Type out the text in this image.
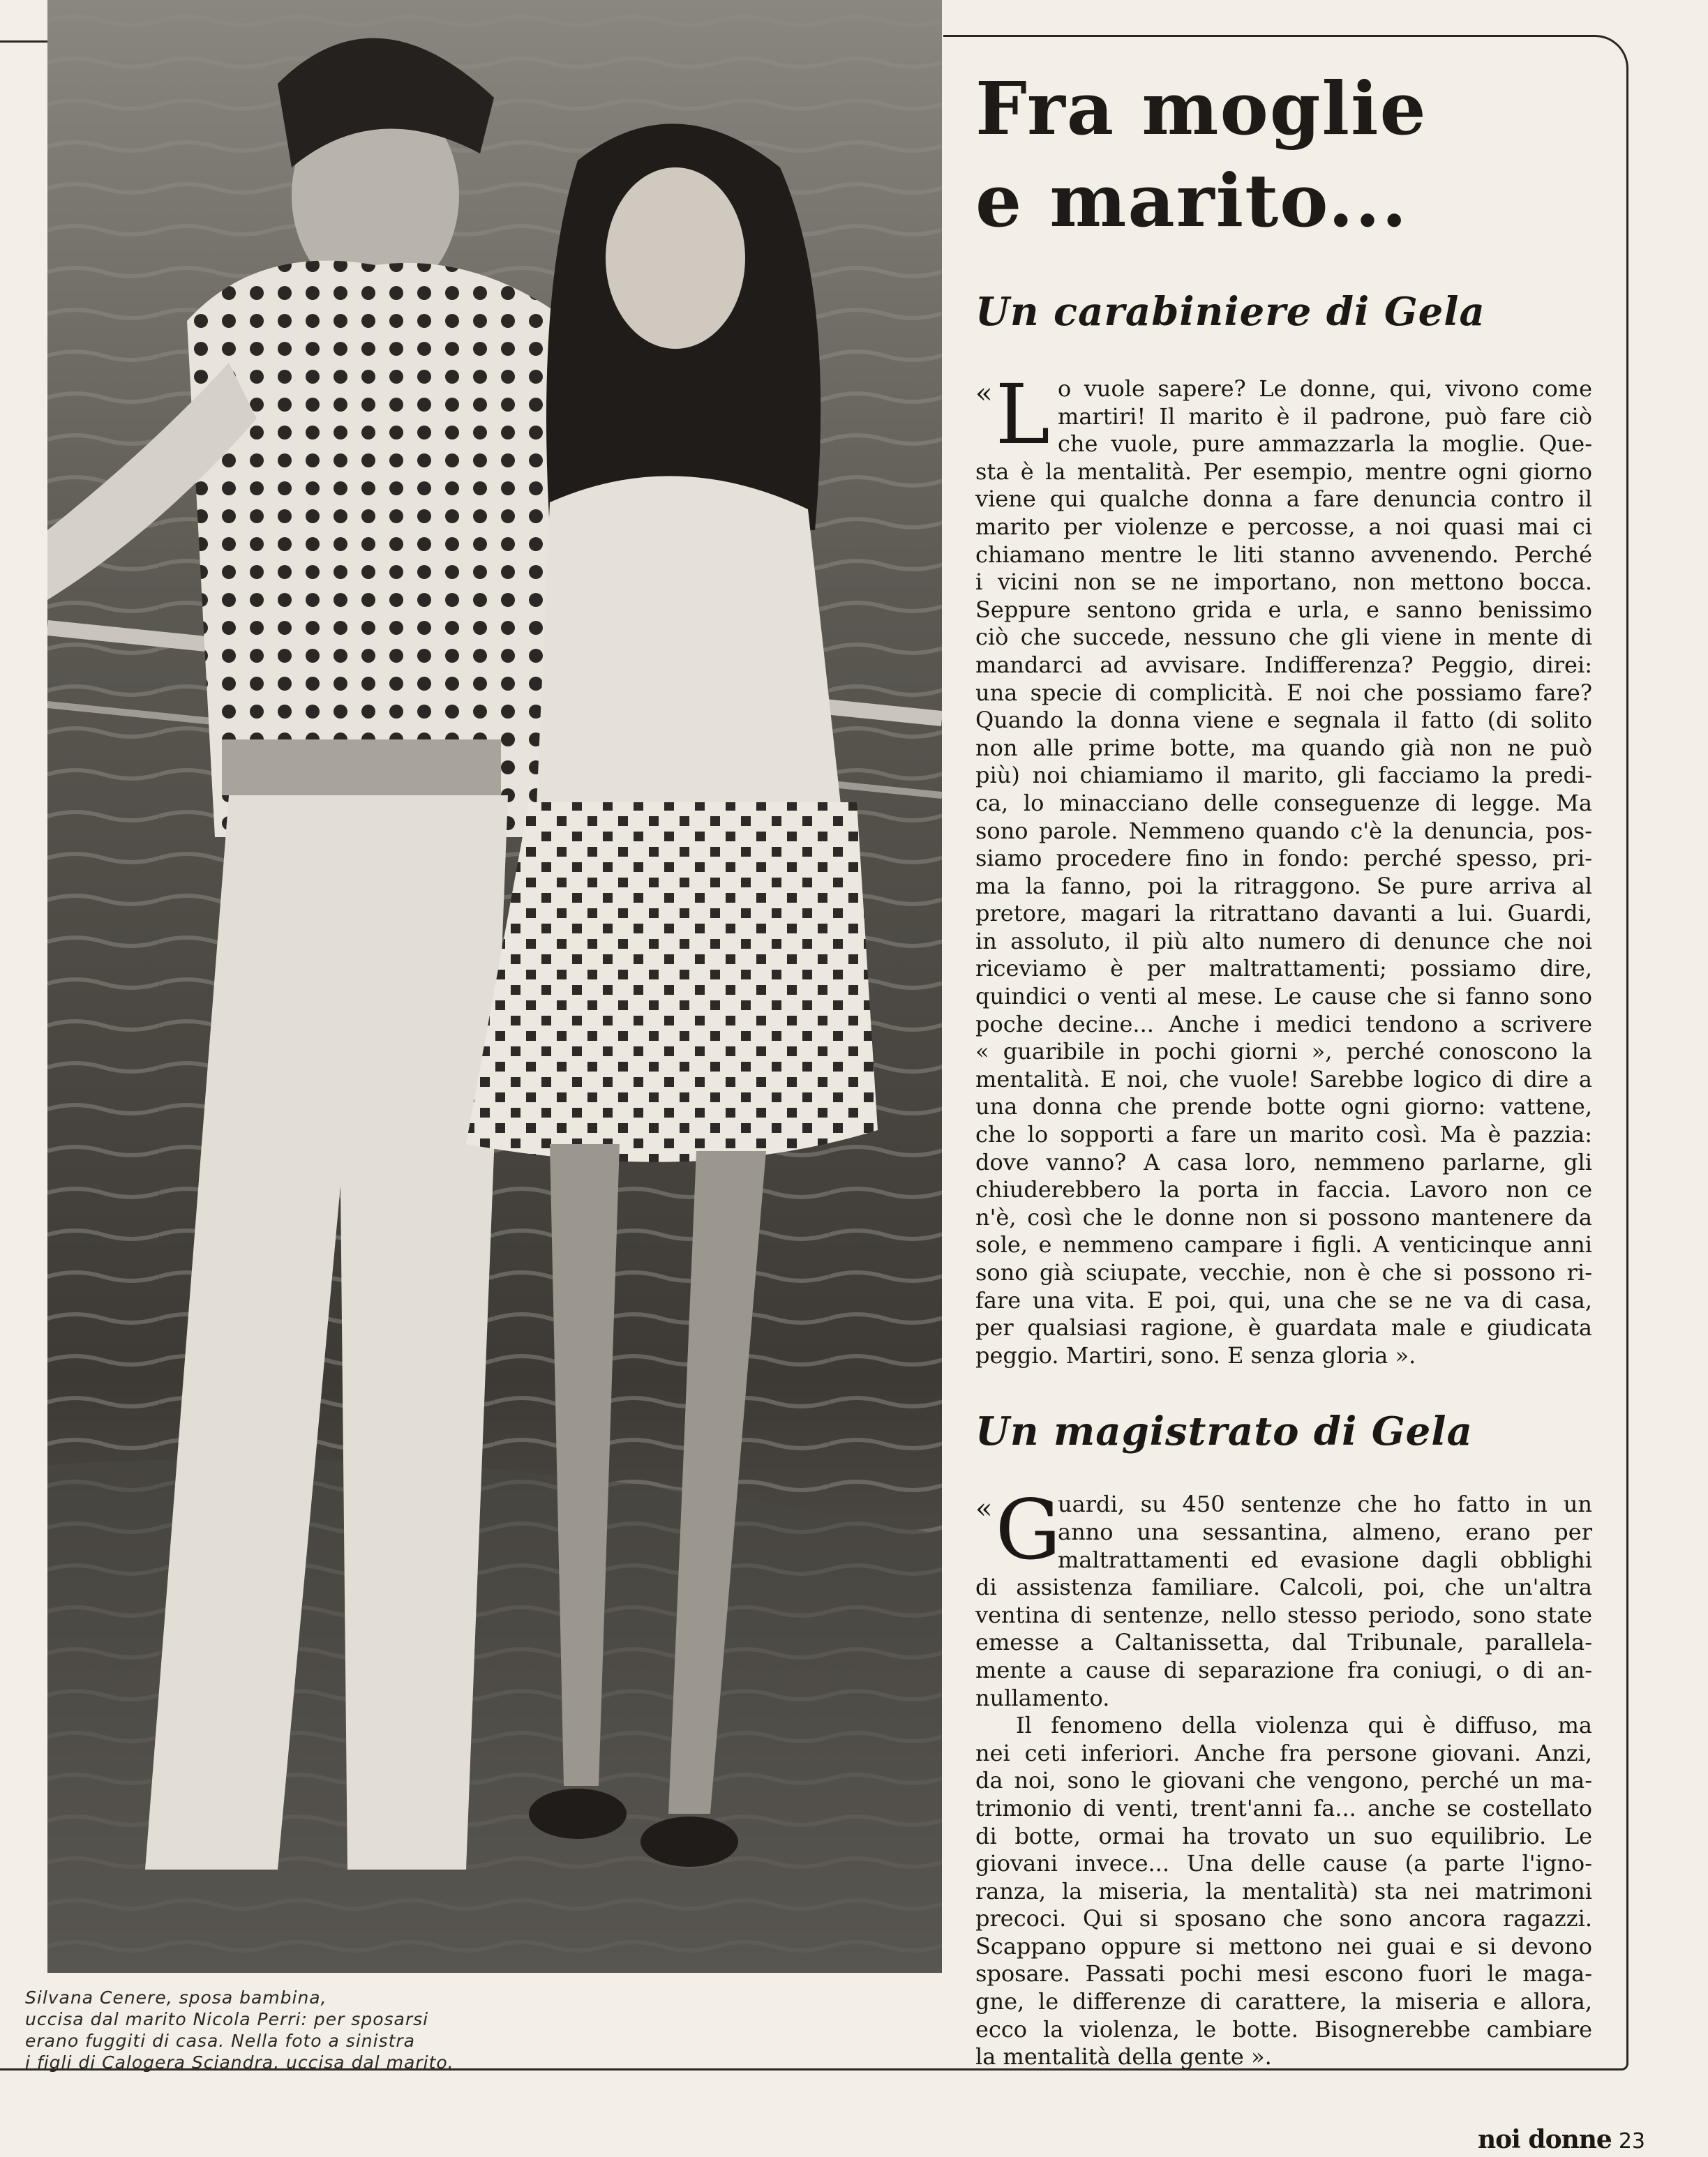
Silvana Cenere, sposa bambina,
uccisa dal marito Nicola Perri: per sposarsi
erano fuggiti di casa. Nella foto a sinistra
i figli di Calogera Sciandra, uccisa dal marito.
Fra moglie
e marito...
Un carabiniere di Gela
«L o vuole sapere? Le donne, qui, vivono come
martiri! Il marito è il padrone, può fare ciò
che vuole, pure ammazzarla la moglie. Que-
sta è la mentalità. Per esempio, mentre ogni giorno
viene qui qualche donna a fare denuncia contro il
marito per violenze e percosse, a noi quasi mai ci
chiamano mentre le liti stanno avvenendo. Perché
i vicini non se ne importano, non mettono bocca.
Seppure sentono grida e urla, e sanno benissimo
ciò che succede, nessuno che gli viene in mente di
mandarci ad avvisare. Indifferenza? Peggio, direi:
una specie di complicità. E noi che possiamo fare?
Quando la donna viene e segnala il fatto (di solito
non alle prime botte, ma quando già non ne può
più) noi chiamiamo il marito, gli facciamo la predi-
ca, lo minacciano delle conseguenze di legge. Ma
sono parole. Nemmeno quando c'è la denuncia, pos-
siamo procedere fino in fondo: perché spesso, pri-
ma la fanno, poi la ritraggono. Se pure arriva al
pretore, magari la ritrattano davanti a lui. Guardi,
in assoluto, il più alto numero di denunce che noi
riceviamo è per maltrattamenti; possiamo dire,
quindici o venti al mese. Le cause che si fanno sono
poche decine... Anche i medici tendono a scrivere
« guaribile in pochi giorni », perché conoscono la
mentalità. E noi, che vuole! Sarebbe logico di dire a
una donna che prende botte ogni giorno: vattene,
che lo sopporti a fare un marito così. Ma è pazzia:
dove vanno? A casa loro, nemmeno parlarne, gli
chiuderebbero la porta in faccia. Lavoro non ce
n'è, così che le donne non si possono mantenere da
sole, e nemmeno campare i figli. A venticinque anni
sono già sciupate, vecchie, non è che si possono ri-
fare una vita. E poi, qui, una che se ne va di casa,
per qualsiasi ragione, è guardata male e giudicata
peggio. Martiri, sono. E senza gloria ».
Un magistrato di Gela
«G
uardi, su 450 sentenze che ho fatto in un
anno una sessantina, almeno, erano per
maltrattamenti ed evasione dagli obblighi
di assistenza familiare. Calcoli, poi, che un'altra
ventina di sentenze, nello stesso periodo, sono state
emesse a Caltanissetta, dal Tribunale, parallela-
mente a cause di separazione fra coniugi, o di an-
nullamento.
Il fenomeno della violenza qui è diffuso, ma
nei ceti inferiori. Anche fra persone giovani. Anzi,
da noi, sono le giovani che vengono, perché un ma-
trimonio di venti, trent'anni fa... anche se costellato
di botte, ormai ha trovato un suo equilibrio. Le
giovani invece... Una delle cause (a parte l'igno-
ranza, la miseria, la mentalità) sta nei matrimoni
precoci. Qui si sposano che sono ancora ragazzi.
Scappano oppure si mettono nei guai e si devono
sposare. Passati pochi mesi escono fuori le maga-
gne, le differenze di carattere, la miseria e allora,
ecco la violenza, le botte. Bisognerebbe cambiare
la mentalità della gente ».
noi donne 23
